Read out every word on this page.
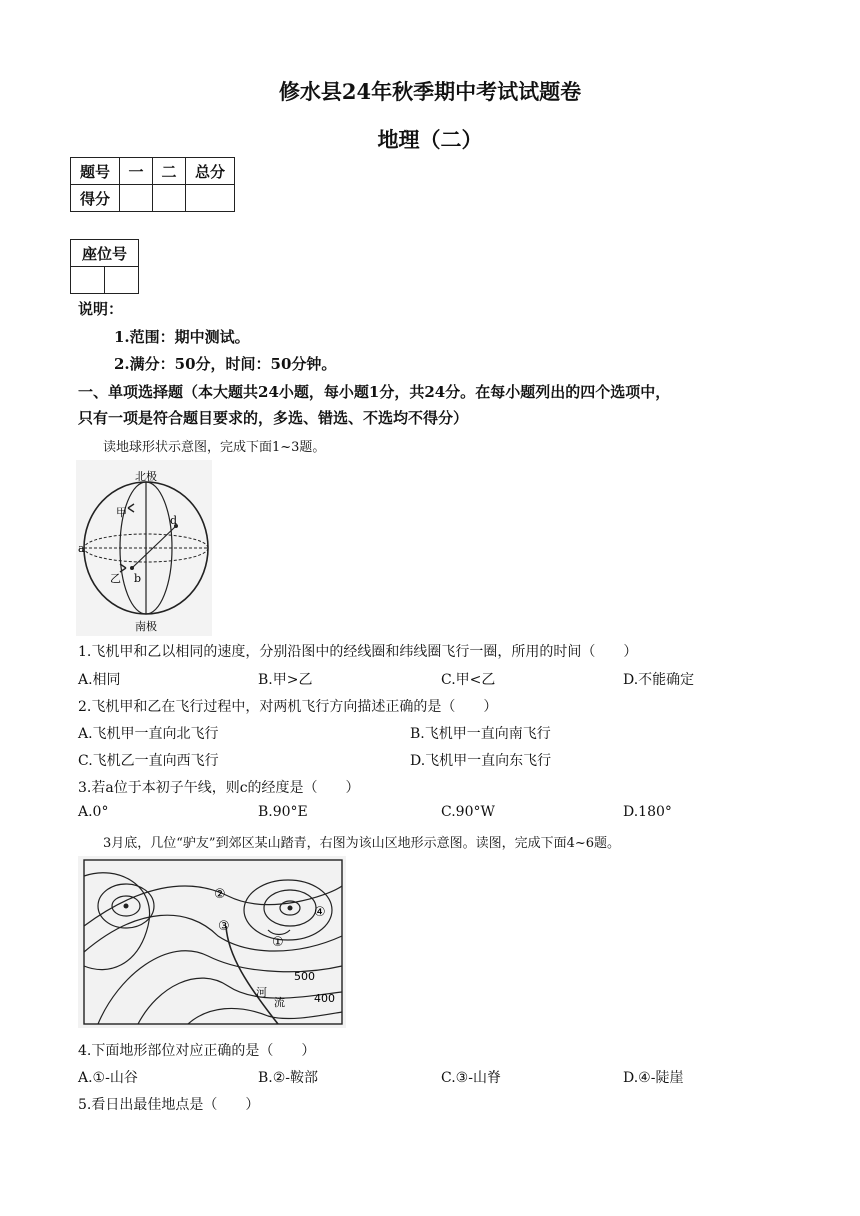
修水县24年秋季期中考试试题卷
地理（二）
题号	一	二	总分
得分			
座位号

说明：
1.范围：期中测试。
2.满分：50分，时间：50分钟。
一、单项选择题（本大题共24小题，每小题1分，共24分。在每小题列出的四个选项中，
只有一项是符合题目要求的，多选、错选、不选均不得分）
读地球形状示意图，完成下面1~3题。
北极
南极
甲
乙
a
b
d
1.飞机甲和乙以相同的速度，分别沿图中的经线圈和纬线圈飞行一圈，所用的时间（　　）
A.相同	B.甲>乙	C.甲<乙	D.不能确定
2.飞机甲和乙在飞行过程中，对两机飞行方向描述正确的是（　　）
A.飞机甲一直向北飞行	B.飞机甲一直向南飞行
C.飞机乙一直向西飞行	D.飞机甲一直向东飞行
3.若a位于本初子午线，则c的经度是（　　）
A.0°	B.90°E	C.90°W	D.180°
3月底，几位“驴友”到郊区某山踏青，右图为该山区地形示意图。读图，完成下面4~6题。
②
③
①
④
500
400
河
流
4.下面地形部位对应正确的是（　　）
A.①-山谷	B.②-鞍部	C.③-山脊	D.④-陡崖
5.看日出最佳地点是（　　）
